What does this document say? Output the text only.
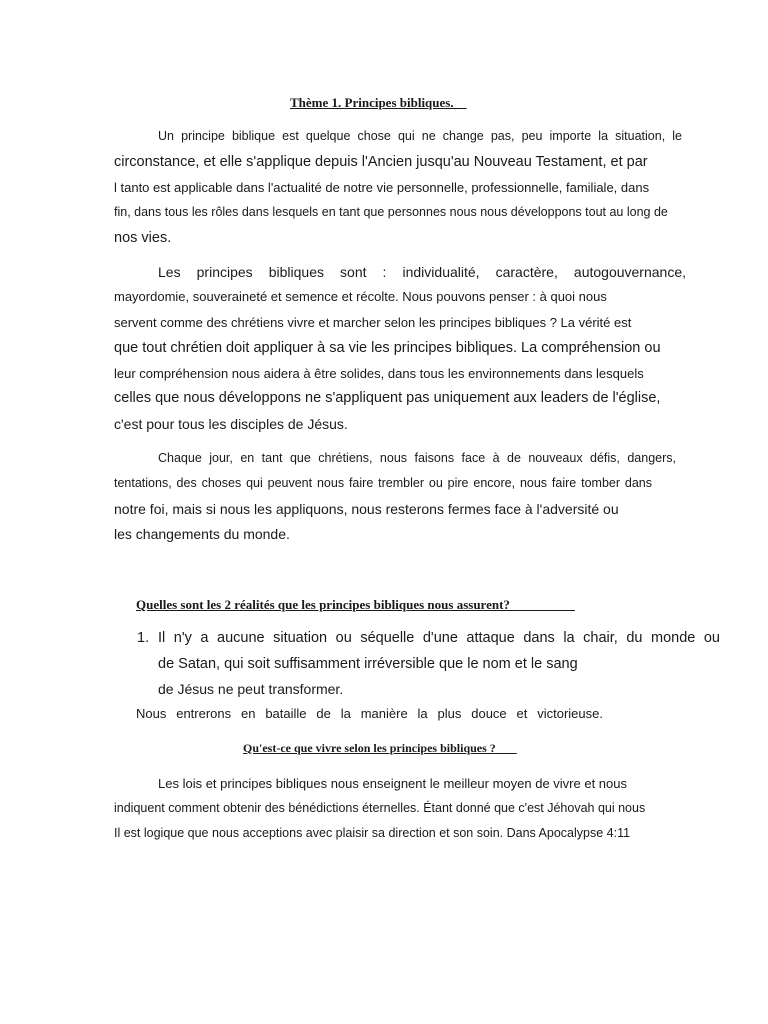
Thème 1. Principes bibliques.

Un principe biblique est quelque chose qui ne change pas, peu importe la situation, le

circonstance, et elle s'applique depuis l'Ancien jusqu'au Nouveau Testament, et par

l tanto est applicable dans l'actualité de notre vie personnelle, professionnelle, familiale, dans

fin, dans tous les rôles dans lesquels en tant que personnes nous nous développons tout au long de

nos vies.

Les principes bibliques sont : individualité, caractère, autogouvernance,

mayordomie, souveraineté et semence et récolte. Nous pouvons penser : à quoi nous

servent comme des chrétiens vivre et marcher selon les principes bibliques ? La vérité est

que tout chrétien doit appliquer à sa vie les principes bibliques. La compréhension ou

leur compréhension nous aidera à être solides, dans tous les environnements dans lesquels

celles que nous développons ne s'appliquent pas uniquement aux leaders de l'église,

c'est pour tous les disciples de Jésus.

Chaque jour, en tant que chrétiens, nous faisons face à de nouveaux défis, dangers,

tentations, des choses qui peuvent nous faire trembler ou pire encore, nous faire tomber dans

notre foi, mais si nous les appliquons, nous resterons fermes face à l'adversité ou

les changements du monde.

Quelles sont les 2 réalités que les principes bibliques nous assurent?

1. Il n'y a aucune situation ou séquelle d'une attaque dans la chair, du monde ou

de Satan, qui soit suffisamment irréversible que le nom et le sang

de Jésus ne peut transformer.

Nous entrerons en bataille de la manière la plus douce et victorieuse.

Qu'est-ce que vivre selon les principes bibliques ?

Les lois et principes bibliques nous enseignent le meilleur moyen de vivre et nous

indiquent comment obtenir des bénédictions éternelles. Étant donné que c'est Jéhovah qui nous

Il est logique que nous acceptions avec plaisir sa direction et son soin. Dans Apocalypse 4:11
